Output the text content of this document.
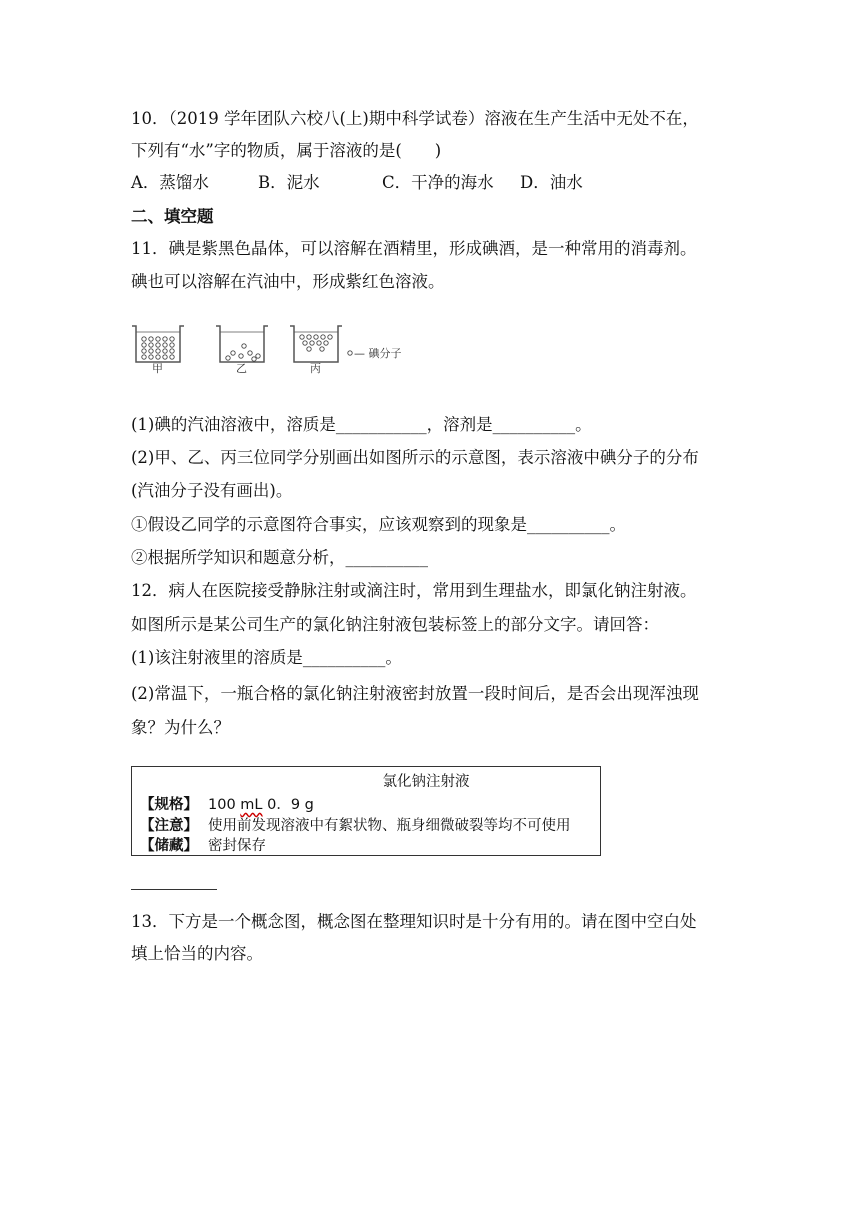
10．（2019 学年团队六校八(上)期中科学试卷）溶液在生产生活中无处不在，
下列有“水”字的物质，属于溶液的是(　　)
A．蒸馏水	B．泥水	C．干净的海水 D．油水
二、填空题
11．碘是紫黑色晶体，可以溶解在酒精里，形成碘酒，是一种常用的消毒剂。
碘也可以溶解在汽油中，形成紫红色溶液。
— 碘分子
甲	乙	丙
(1)碘的汽油溶液中，溶质是___________，溶剂是__________。
(2)甲、乙、丙三位同学分别画出如图所示的示意图，表示溶液中碘分子的分布
(汽油分子没有画出)。
①假设乙同学的示意图符合事实，应该观察到的现象是__________。
②根据所学知识和题意分析，__________
12．病人在医院接受静脉注射或滴注时，常用到生理盐水，即氯化钠注射液。
如图所示是某公司生产的氯化钠注射液包装标签上的部分文字。请回答：
(1)该注射液里的溶质是__________。
(2)常温下，一瓶合格的氯化钠注射液密封放置一段时间后，是否会出现浑浊现
象？为什么？
氯化钠注射液
【规格】 100 mL 0．9 g
【注意】 使用前发现溶液中有絮状物、瓶身细微破裂等均不可使用
【储藏】 密封保存
13．下方是一个概念图，概念图在整理知识时是十分有用的。请在图中空白处
填上恰当的内容。
